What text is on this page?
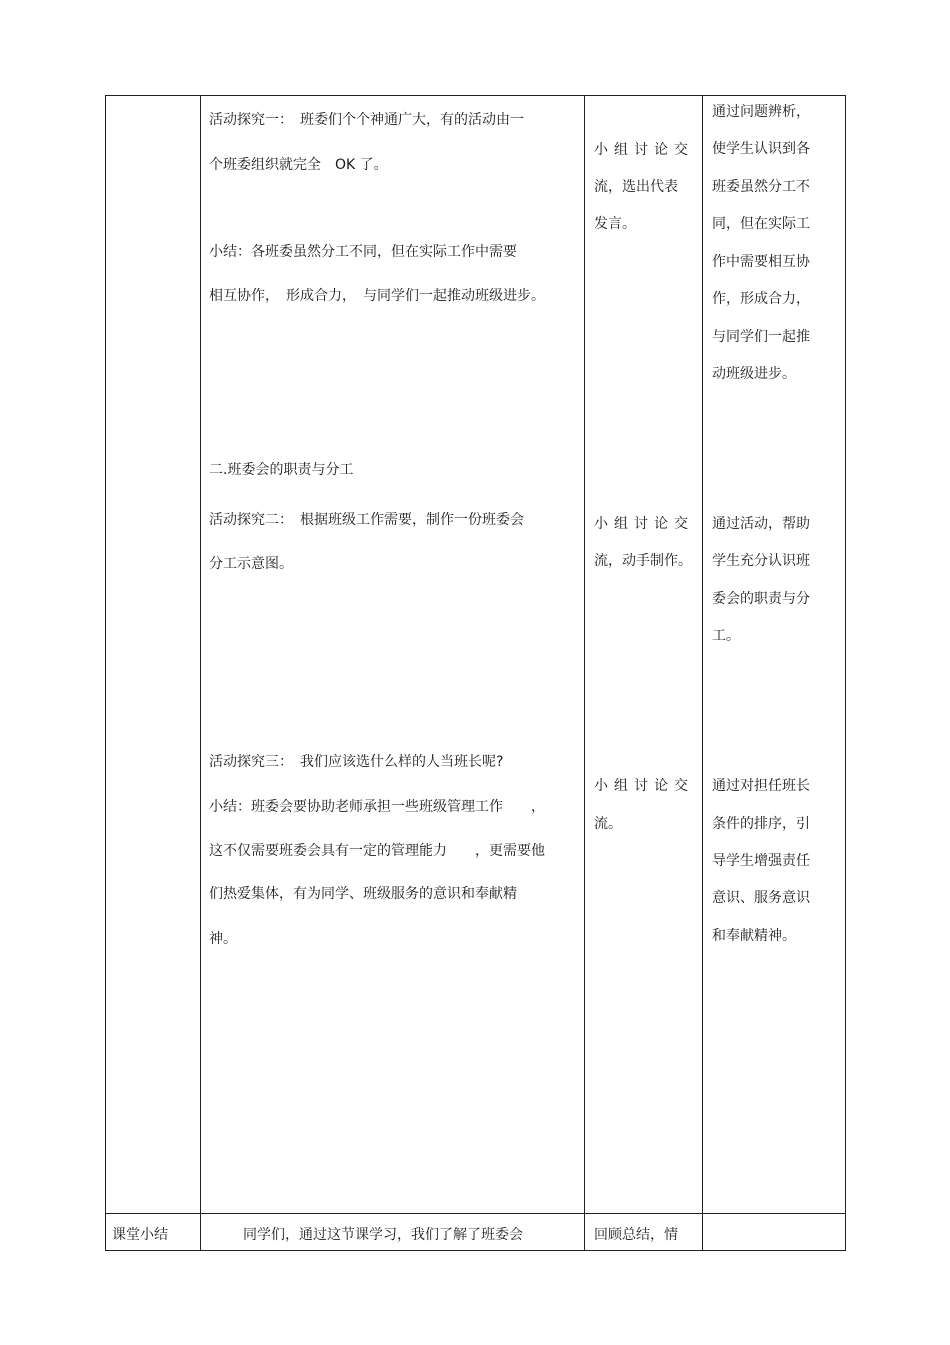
活动探究一：　班委们个个神通广大，有的活动由一
个班委组织就完全　OK 了。
小结：各班委虽然分工不同，但在实际工作中需要
相互协作，　形成合力，　与同学们一起推动班级进步。
二.班委会的职责与分工
活动探究二：　根据班级工作需要，制作一份班委会
分工示意图。
活动探究三：　我们应该选什么样的人当班长呢?
小结：班委会要协助老师承担一些班级管理工作　　，
这不仅需要班委会具有一定的管理能力　　，更需要他
们热爱集体，有为同学、班级服务的意识和奉献精
神。
小组讨论交
流，选出代表
发言。
小组讨论交
流，动手制作。
小组讨论交
流。
通过问题辨析，
使学生认识到各
班委虽然分工不
同，但在实际工
作中需要相互协
作，形成合力，
与同学们一起推
动班级进步。
通过活动，帮助
学生充分认识班
委会的职责与分
工。
通过对担任班长
条件的排序，引
导学生增强责任
意识、服务意识
和奉献精神。
课堂小结	同学们，通过这节课学习，我们了解了班委会	回顾总结，情
